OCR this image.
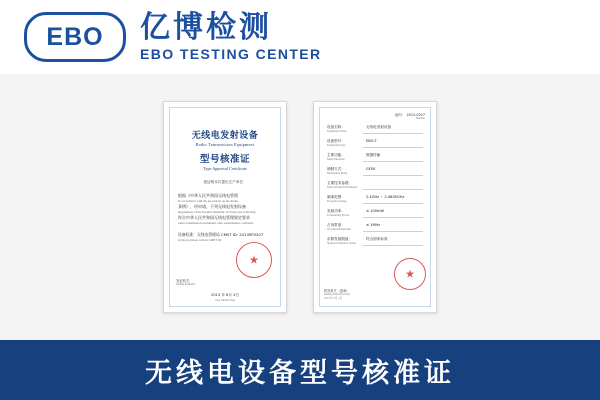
EBO 亿博检测
EBO TESTING CENTER
无线电发射设备
Radio Transmission Equipment
型号核准证
Type Approval Certificate
兹证明本次提出生产单位：
根据《中华人民共和国无线电管理
In accordance with the provisions on the Radio
条例》、经申请，下列无线电发射设备
Regulations of the People's Republic of China, the following
符合中华人民共和国无线电管理规定要求
radio transmission equipment, after examination, conforms
设备标准：无线电管理局 CMIIT ID: 2013SP0207
In the provisions with its CMIIT ID:
发证机关
Issuing Authority
2013 年 6月 2日
Year Month Date
编号： 2013-0207
Number
设备名称：
Equipment Name
无线电发射设备
设备型号：
Equipment Type
EBO-T
主要功能：
Main Functions
数据传输
调制方式：
Modulation Mode
GFSK
主要技术参数：
Main Technical Parameters
频率范围：
Frequency Range
2.4GHz ~ 2.4835GHz
发射功率：
Transmitting Power
≤ 100mW
占用带宽：
Occupied Bandwidth
≤ 1MHz
杂散发射限值：
Spurious Emission Limits
符合国家标准
核发机关（盖章）
Issuing Authority (Seal)
2013 年 6月 2日
无线电设备型号核准证
